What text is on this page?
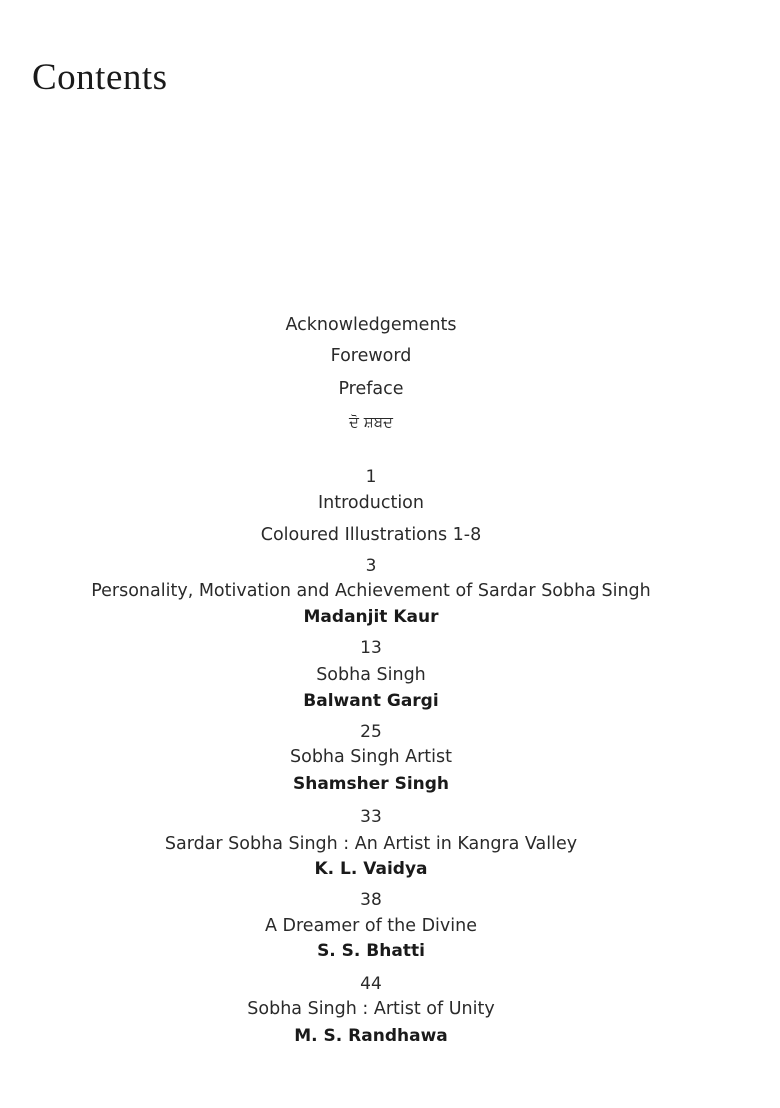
Contents
Acknowledgements
Foreword
Preface
ਦੋ ਸ਼ਬਦ
1
Introduction
Coloured Illustrations 1-8
3
Personality, Motivation and Achievement of Sardar Sobha Singh
Madanjit Kaur
13
Sobha Singh
Balwant Gargi
25
Sobha Singh Artist
Shamsher Singh
33
Sardar Sobha Singh : An Artist in Kangra Valley
K. L. Vaidya
38
A Dreamer of the Divine
S. S. Bhatti
44
Sobha Singh : Artist of Unity
M. S. Randhawa
